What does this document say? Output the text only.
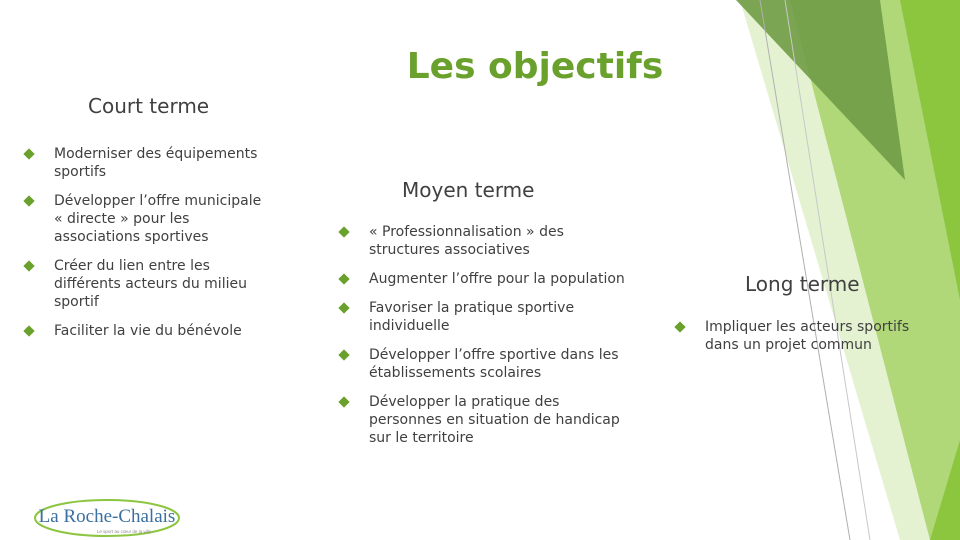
Les objectifs
Court terme
Moderniser des équipements sportifs
Développer l’offre municipale « directe » pour les associations sportives
Créer du lien entre les différents acteurs du milieu sportif
Faciliter la vie du bénévole
Moyen terme
« Professionnalisation » des structures associatives
Augmenter l’offre pour la population
Favoriser la pratique sportive individuelle
Développer l’offre sportive dans les établissements scolaires
Développer la pratique des personnes en situation de handicap sur le territoire
Long terme
Impliquer les acteurs sportifs dans un projet commun
La Roche-Chalais
Le sport au cœur de la ville
